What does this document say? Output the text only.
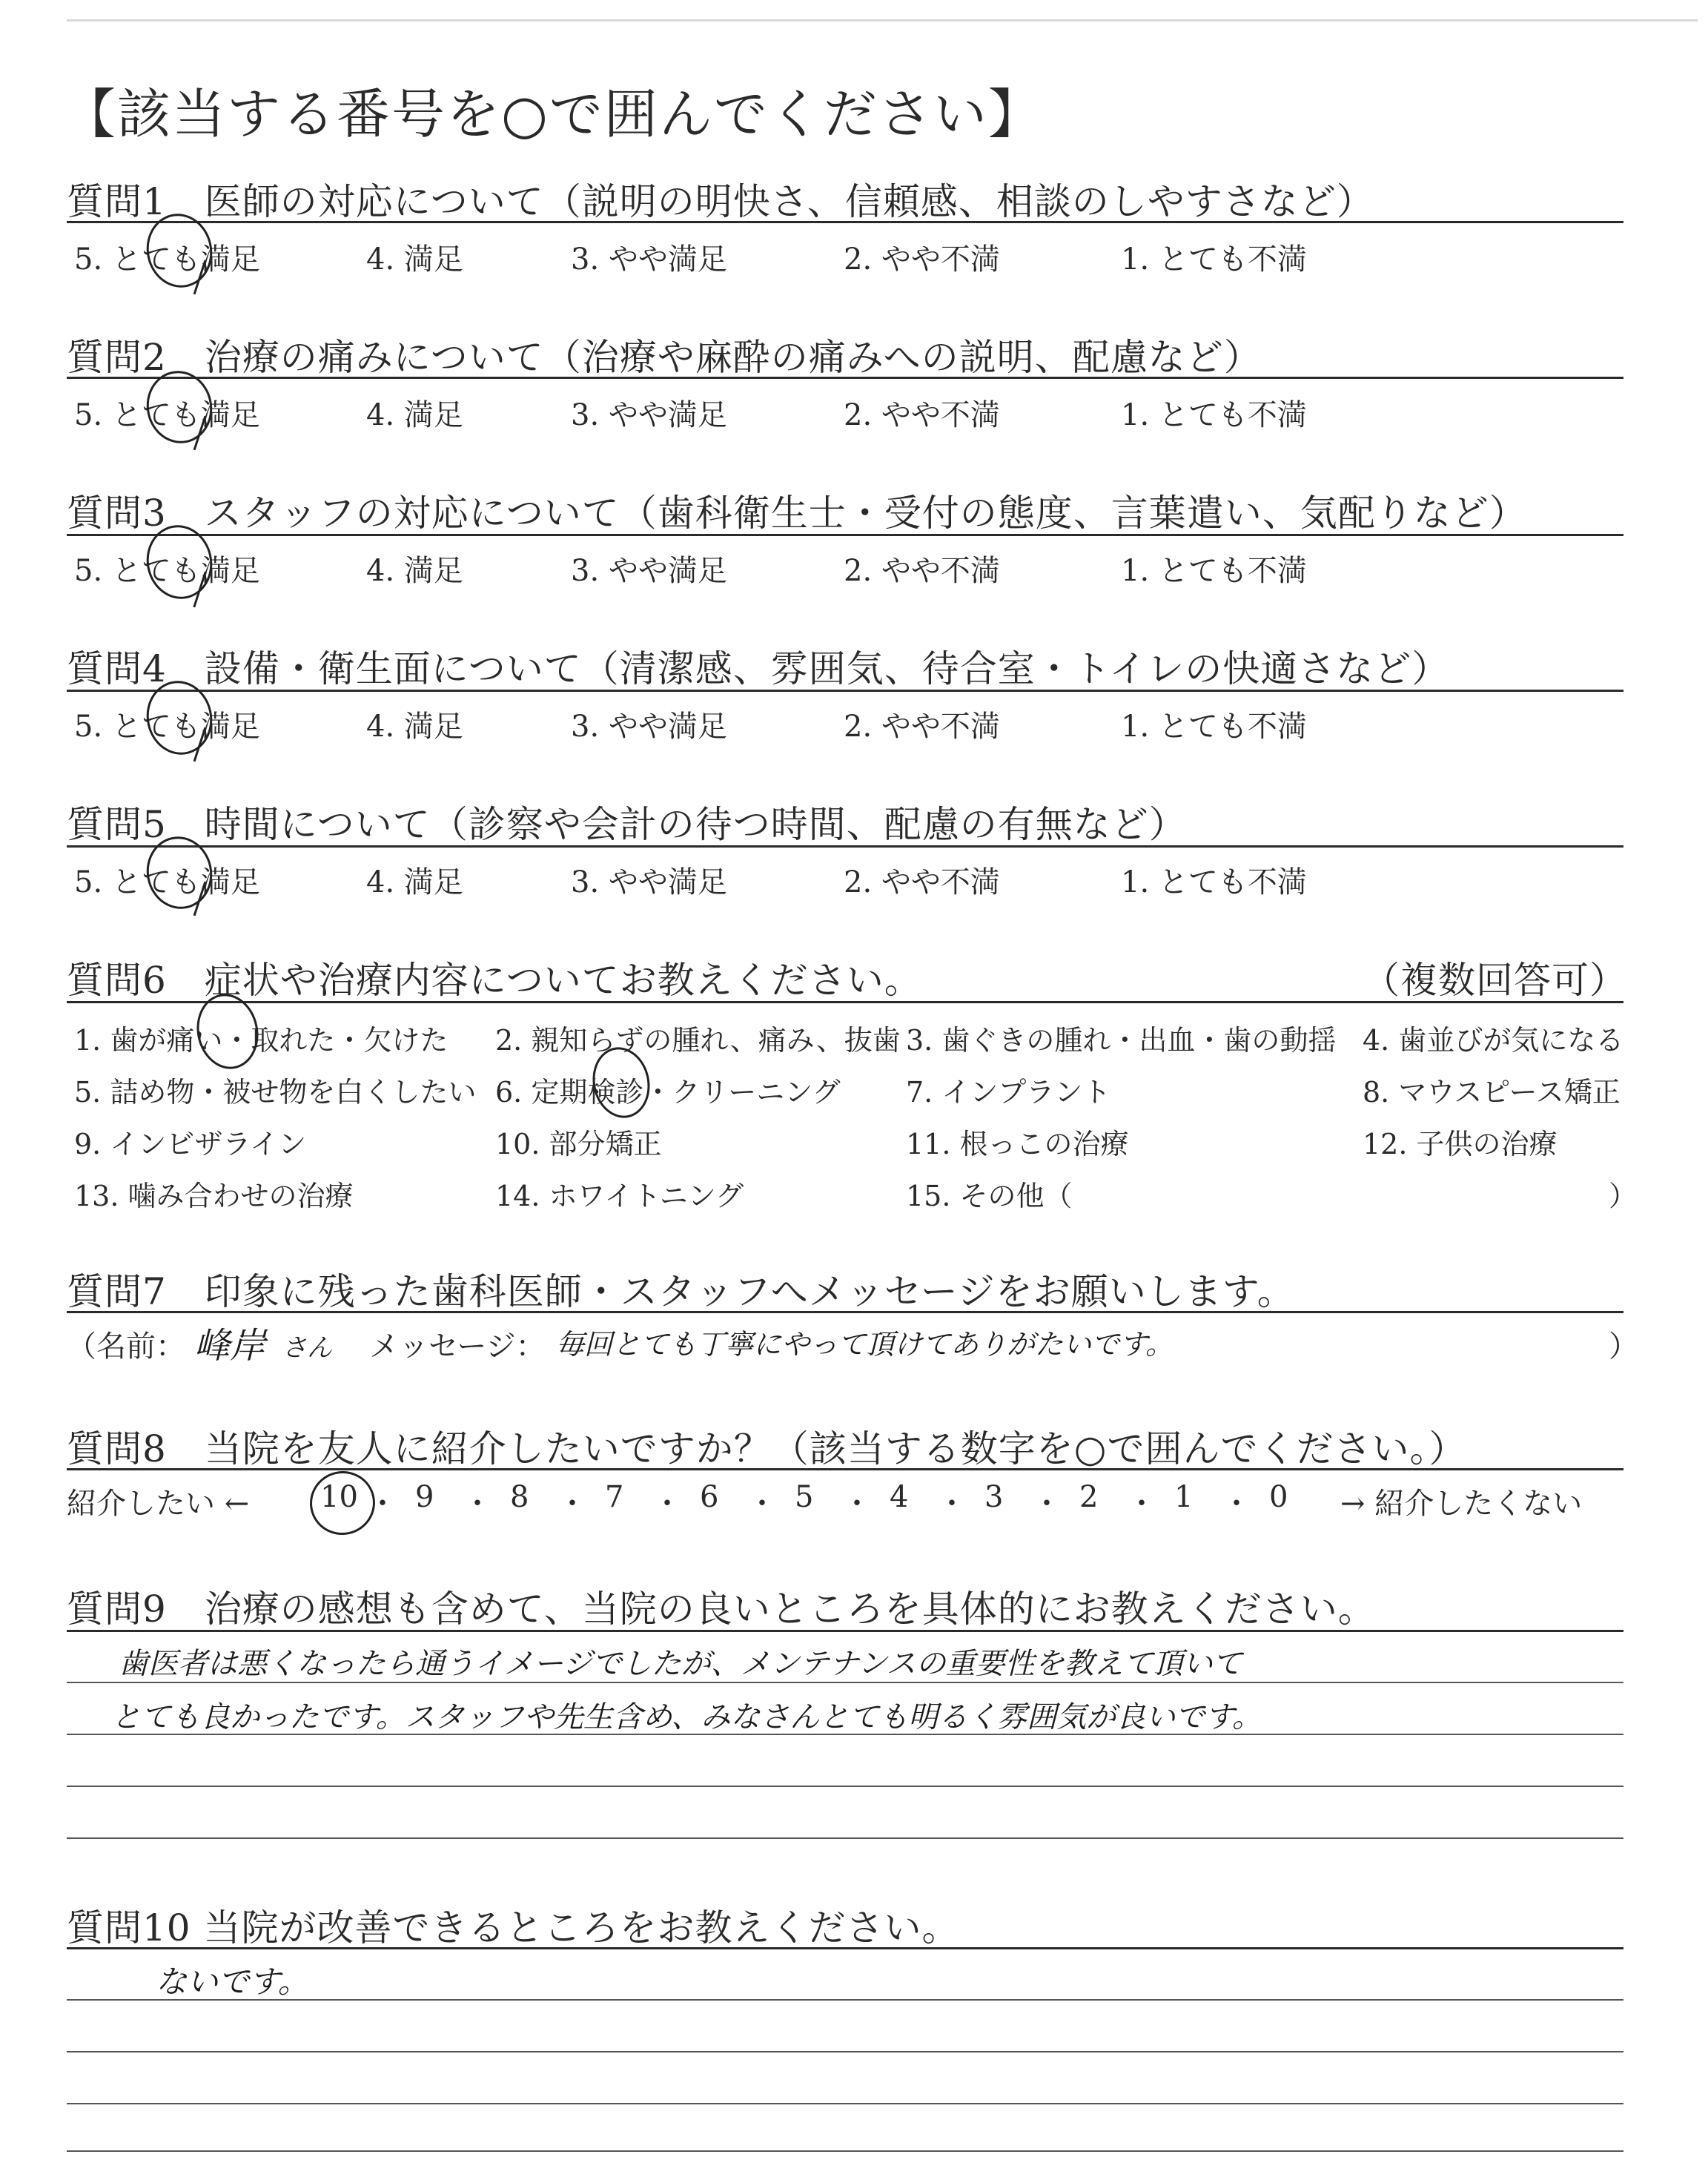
【該当する番号を○で囲んでください】
質問1　医師の対応について（説明の明快さ、信頼感、相談のしやすさなど）
5. とても満足	4. 満足	3. やや満足	2. やや不満	1. とても不満
質問2　治療の痛みについて（治療や麻酔の痛みへの説明、配慮など）
5. とても満足	4. 満足	3. やや満足	2. やや不満	1. とても不満
質問3　スタッフの対応について（歯科衛生士・受付の態度、言葉遣い、気配りなど）
5. とても満足	4. 満足	3. やや満足	2. やや不満	1. とても不満
質問4　設備・衛生面について（清潔感、雰囲気、待合室・トイレの快適さなど）
5. とても満足	4. 満足	3. やや満足	2. やや不満	1. とても不満
質問5　時間について（診察や会計の待つ時間、配慮の有無など）
5. とても満足	4. 満足	3. やや満足	2. やや不満	1. とても不満
質問6　症状や治療内容についてお教えください。	（複数回答可）
1. 歯が痛い・取れた・欠けた 2. 親知らずの腫れ、痛み、抜歯 3. 歯ぐきの腫れ・出血・歯の動揺 4. 歯並びが気になる
5. 詰め物・被せ物を白くしたい 6. 定期検診・クリーニング 7. インプラント	8. マウスピース矯正
9. インビザライン	10. 部分矯正	11. 根っこの治療	12. 子供の治療
13. 噛み合わせの治療	14. ホワイトニング	15. その他（	）
質問7　印象に残った歯科医師・スタッフへメッセージをお願いします。
（名前： 峰岸 さん メッセージ： 毎回とても丁寧にやって頂けてありがたいです。	）
質問8　当院を友人に紹介したいですか？（該当する数字を○で囲んでください。）
紹介したい ← 10 ・ 9 ・ 8 ・ 7 ・ 6 ・ 5 ・ 4 ・ 3 ・ 2 ・ 1 ・ 0 → 紹介したくない
質問9　治療の感想も含めて、当院の良いところを具体的にお教えください。
歯医者は悪くなったら通うイメージでしたが、メンテナンスの重要性を教えて頂いて
とても良かったです。スタッフや先生含め、みなさんとても明るく雰囲気が良いです。
質問10 当院が改善できるところをお教えください。
ないです。
